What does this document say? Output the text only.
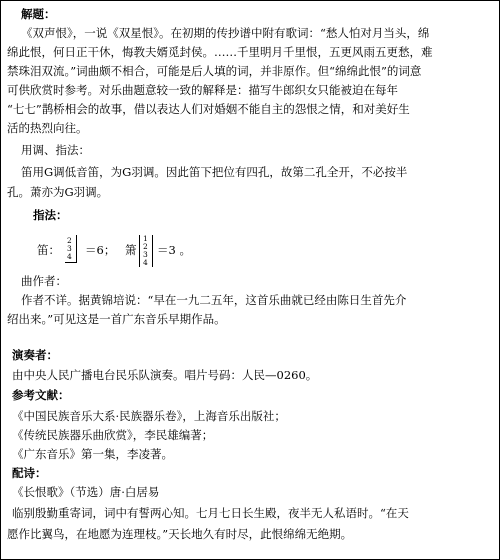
解题：
《双声恨》，一说《双星恨》。在初期的传抄谱中附有歌词：“愁人怕对月当头，绵
绵此恨，何日正干休，悔教夫婿觅封侯。……千里明月千里恨，五更风雨五更愁，难
禁珠泪双流。”词曲颇不相合，可能是后人填的词，并非原作。但“绵绵此恨”的词意
可供欣赏时参考。对乐曲题意较一致的解释是：描写牛郎织女只能被迫在每年
“七七”鹊桥相会的故事，借以表达人们对婚姻不能自主的怨恨之情，和对美好生
活的热烈向往。
用调、指法：
笛用G调低音笛，为G羽调。因此笛下把位有四孔，故第二孔全开，不必按半
孔。萧亦为G羽调。
指法：
笛：
2
3
4 ＝6； 箫
1
2
3
4
＝3 。
曲作者：
作者不详。据黄锦培说：“早在一九二五年，这首乐曲就已经由陈日生首先介
绍出来。”可见这是一首广东音乐早期作品。
演奏者：
由中央人民广播电台民乐队演奏。唱片号码：人民—0260。
参考文献：
《中国民族音乐大系·民族器乐卷》，上海音乐出版社；
《传统民族器乐曲欣赏》，李民雄编著；
《广东音乐》第一集，李凌著。
配诗：
《长恨歌》（节选）唐·白居易
临别殷勤重寄词，词中有誓两心知。七月七日长生殿，夜半无人私语时。“在天
愿作比翼鸟，在地愿为连理枝。”天长地久有时尽，此恨绵绵无绝期。
